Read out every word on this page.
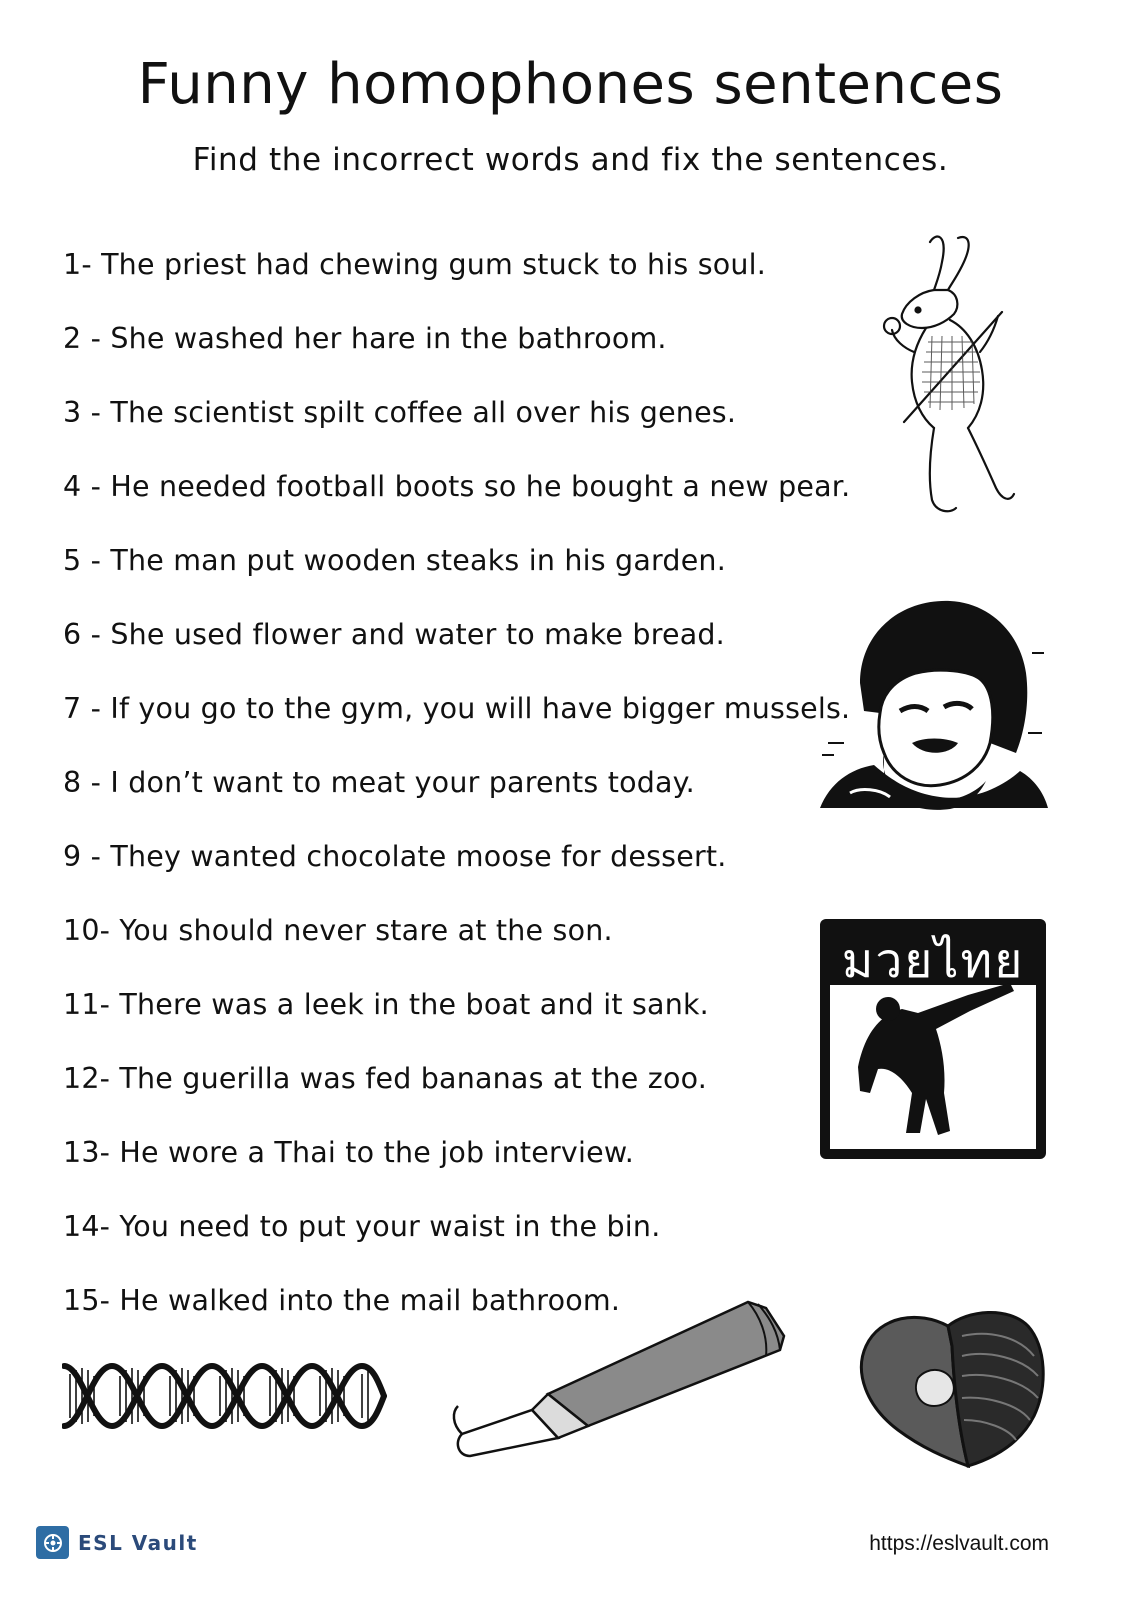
Funny homophones sentences
Find the incorrect words and fix the sentences.
1- The priest had chewing gum stuck to his soul.
2 - She washed her hare in the bathroom.
3 - The scientist spilt coffee all over his genes.
4 - He needed football boots so he bought a new pear.
5 - The man put wooden steaks in his garden.
6 - She used flower and water to make bread.
7 - If you go to the gym, you will have bigger mussels.
8 - I don’t want to meat your parents today.
9 - They wanted chocolate moose for dessert.
10- You should never stare at the son.
11- There was a leek in the boat and it sank.
12- The guerilla was fed bananas at the zoo.
13- He wore a Thai to the job interview.
14- You need to put your waist in the bin.
15- He walked into the mail bathroom.
มวยไทย
ESL Vault	https://eslvault.com
